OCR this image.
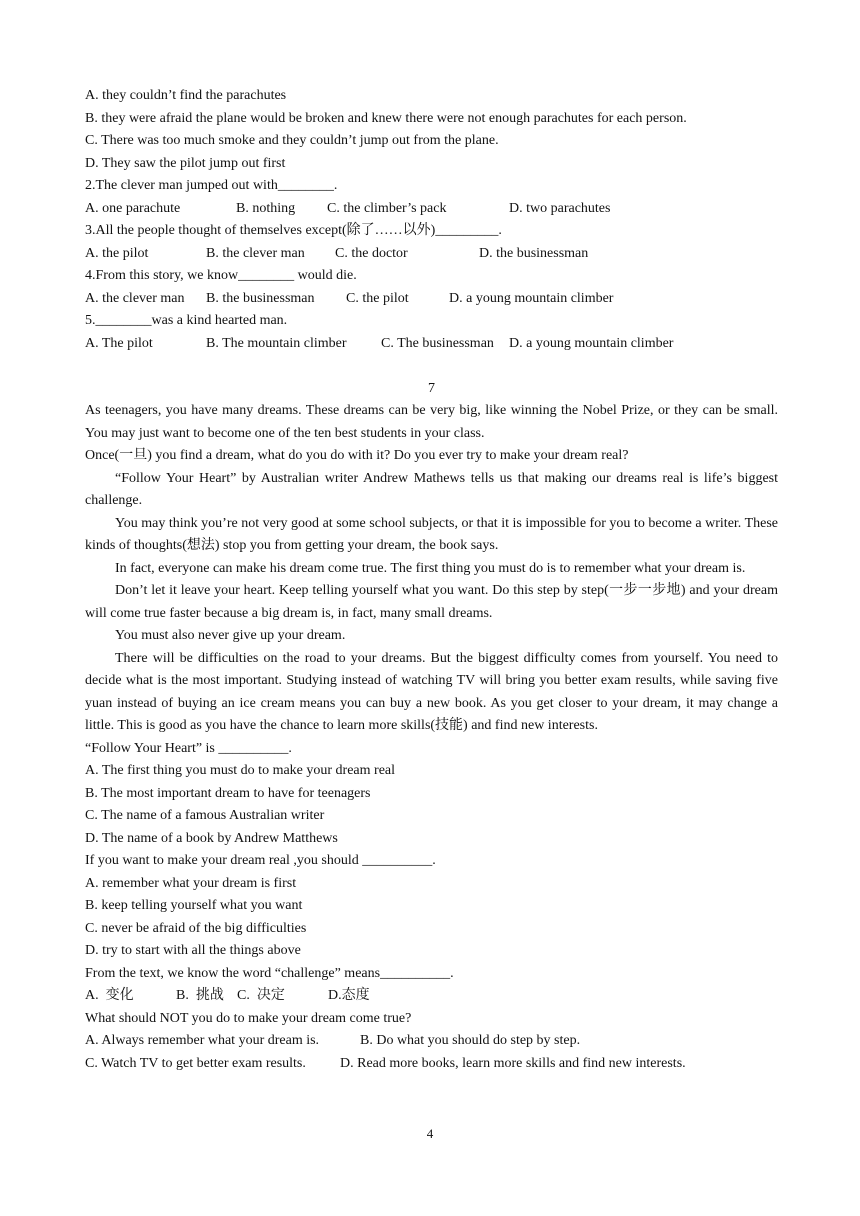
A. they couldn’t find the parachutes
B. they were afraid the plane would be broken and knew there were not enough parachutes for each person.
C. There was too much smoke and they couldn’t jump out from the plane.
D. They saw the pilot jump out first
2.The clever man jumped out with________.
A. one parachute	B. nothing	C. the climber’s pack	D. two parachutes
3.All the people thought of themselves except(除了……以外)_________.
A. the pilot	B. the clever man	C. the doctor	D. the businessman
4.From this story, we know________ would die.
A. the clever man	B. the businessman	C. the pilot	D. a young mountain climber
5.________was a kind hearted man.
A. The pilot	B. The mountain climber	C. The businessman	D. a young mountain climber
7
As teenagers, you have many dreams. These dreams can be very big, like winning the Nobel Prize, or they can be small. You may just want to become one of the ten best students in your class.
Once(一旦) you find a dream, what do you do with it? Do you ever try to make your dream real?
“Follow Your Heart” by Australian writer Andrew Mathews tells us that making our dreams real is life’s biggest challenge.
You may think you’re not very good at some school subjects, or that it is impossible for you to become a writer. These kinds of thoughts(想法) stop you from getting your dream, the book says.
In fact, everyone can make his dream come true. The first thing you must do is to remember what your dream is.
Don’t let it leave your heart. Keep telling yourself what you want. Do this step by step(一步一步地) and your dream will come true faster because a big dream is, in fact, many small dreams.
You must also never give up your dream.
There will be difficulties on the road to your dreams. But the biggest difficulty comes from yourself. You need to decide what is the most important. Studying instead of watching TV will bring you better exam results, while saving five yuan instead of buying an ice cream means you can buy a new book. As you get closer to your dream, it may change a little. This is good as you have the chance to learn more skills(技能) and find new interests.
“Follow Your Heart” is __________.
A. The first thing you must do to make your dream real
B. The most important dream to have for teenagers
C. The name of a famous Australian writer
D. The name of a book by Andrew Matthews
If you want to make your dream real ,you should __________.
A. remember what your dream is first
B. keep telling yourself what you want
C. never be afraid of the big difficulties
D. try to start with all the things above
From the text, we know the word “challenge” means__________.
A.  变化	B.  挑战 C.  决定	D.态度
What should NOT you do to make your dream come true?
A. Always remember what your dream is.	B. Do what you should do step by step.
C. Watch TV to get better exam results.	D. Read more books, learn more skills and find new interests.
4
